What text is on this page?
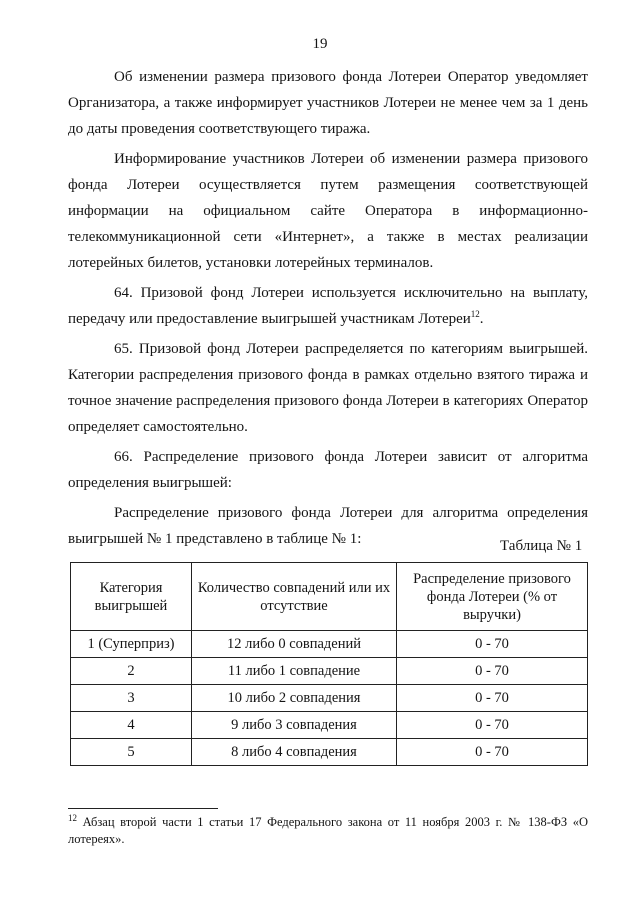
19

Об изменении размера призового фонда Лотереи Оператор уведомляет Организатора, а также информирует участников Лотереи не менее чем за 1 день до даты проведения соответствующего тиража.

Информирование участников Лотереи об изменении размера призового фонда Лотереи осуществляется путем размещения соответствующей информации на официальном сайте Оператора в информационно-телекоммуникационной сети «Интернет», а также в местах реализации лотерейных билетов, установки лотерейных терминалов.

64. Призовой фонд Лотереи используется исключительно на выплату, передачу или предоставление выигрышей участникам Лотереи$^{12}$.

65. Призовой фонд Лотереи распределяется по категориям выигрышей. Категории распределения призового фонда в рамках отдельно взятого тиража и точное значение распределения призового фонда Лотереи в категориях Оператор определяет самостоятельно.

66. Распределение призового фонда Лотереи зависит от алгоритма определения выигрышей:

Распределение призового фонда Лотереи для алгоритма определения выигрышей № 1 представлено в таблице № 1:	Таблица № 1
Категория выигрышей	Количество совпадений или их отсутствие	Распределение призового фонда Лотереи (% от выручки)
1 (Суперприз)	12 либо 0 совпадений	0 - 70
2	11 либо 1 совпадение	0 - 70
3	10 либо 2 совпадения	0 - 70
4	9 либо 3 совпадения	0 - 70
5	8 либо 4 совпадения	0 - 70
$^{12}$ Абзац второй части 1 статьи 17 Федерального закона от 11 ноября 2003 г. № 138-ФЗ «О лотереях».
